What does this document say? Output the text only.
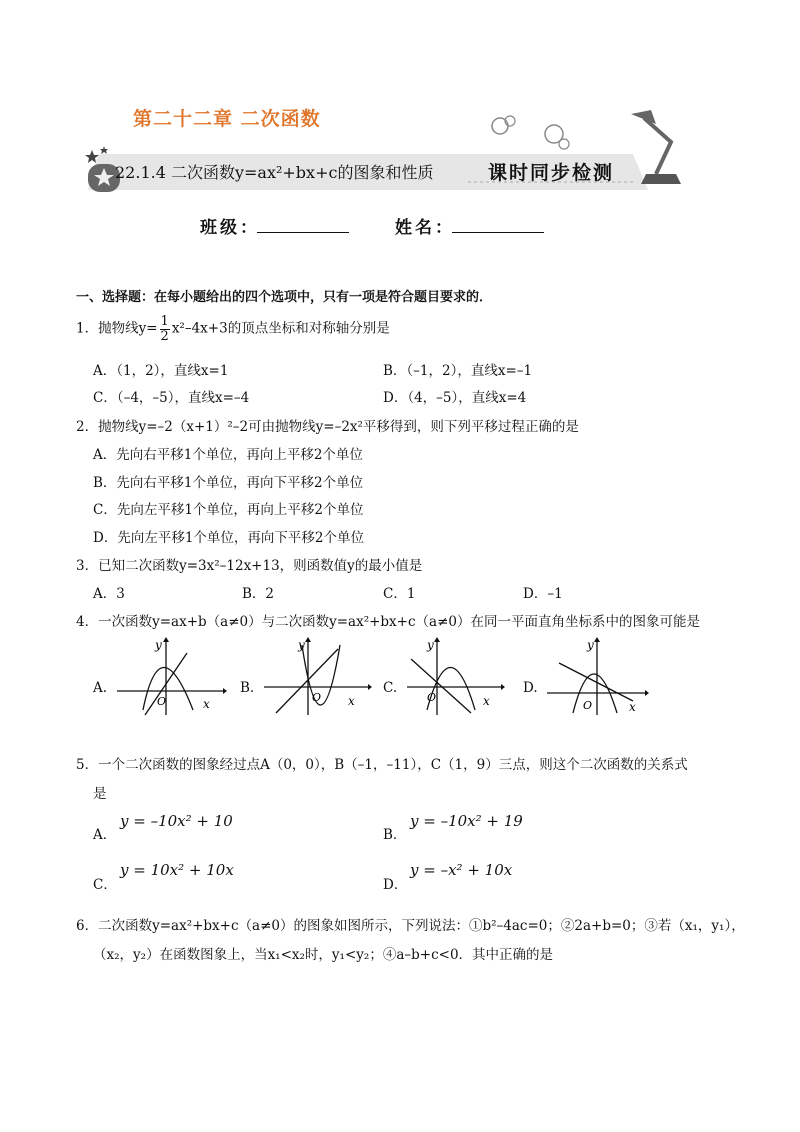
第二十二章 二次函数
22.1.4 二次函数y=ax²+bx+c的图象和性质	课时同步检测
班级：	姓名：
一、选择题：在每小题给出的四个选项中，只有一项是符合题目要求的．
1．抛物线$y= \frac{1}{2} x^2-4x+3$的顶点坐标和对称轴分别是
A．（1，2），直线x=1	B．（–1，2），直线x=–1
C．（–4，–5），直线x=–4	D．（4，–5），直线x=4
2．抛物线y=–2（x+1）²–2可由抛物线y=–2x²平移得到，则下列平移过程正确的是
A．先向右平移1个单位，再向上平移2个单位
B．先向右平移1个单位，再向下平移2个单位
C．先向左平移1个单位，再向上平移2个单位
D．先向左平移1个单位，再向下平移2个单位
3．已知二次函数y=3x²–12x+13，则函数值y的最小值是
A．3	B．2	C．1	D．–1
4．一次函数y=ax+b（a≠0）与二次函数y=ax²+bx+c（a≠0）在同一平面直角坐标系中的图象可能是
A.
y
x
O
B.
y
x
O
C.
y
x
O
D.
y
x
O
5．一个二次函数的图象经过点A（0，0），B（–1，–11），C（1，9）三点，则这个二次函数的关系式
是
A．
y = –10x² + 10
B．
y = –10x² + 19
C．
y = 10x² + 10x
D．
y = –x² + 10x
6．二次函数y=ax²+bx+c（a≠0）的图象如图所示，下列说法：①b²–4ac=0；②2a+b=0；③若（x₁，y₁），
（x₂，y₂）在函数图象上，当x₁<x₂时，y₁<y₂；④a–b+c<0．其中正确的是
